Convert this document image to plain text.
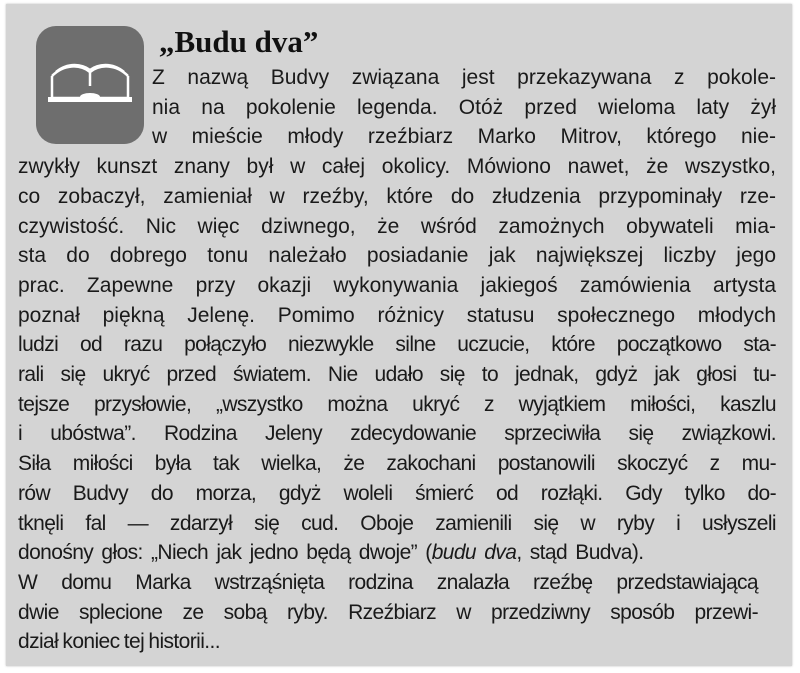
„Budu dva”
Z nazwą Budvy związana jest przekazywana z pokole-
nia na pokolenie legenda. Otóż przed wieloma laty żył
w mieście młody rzeźbiarz Marko Mitrov, którego nie-
zwykły kunszt znany był w całej okolicy. Mówiono nawet, że wszystko,
co zobaczył, zamieniał w rzeźby, które do złudzenia przypominały rze-
czywistość. Nic więc dziwnego, że wśród zamożnych obywateli mia-
sta do dobrego tonu należało posiadanie jak największej liczby jego
prac. Zapewne przy okazji wykonywania jakiegoś zamówienia artysta
poznał piękną Jelenę. Pomimo różnicy statusu społecznego młodych
ludzi od razu połączyło niezwykle silne uczucie, które początkowo sta-
rali się ukryć przed światem. Nie udało się to jednak, gdyż jak głosi tu-
tejsze przysłowie, „wszystko można ukryć z wyjątkiem miłości, kaszlu
i ubóstwa”. Rodzina Jeleny zdecydowanie sprzeciwiła się związkowi.
Siła miłości była tak wielka, że zakochani postanowili skoczyć z mu-
rów Budvy do morza, gdyż woleli śmierć od rozłąki. Gdy tylko do-
tknęli fal — zdarzył się cud. Oboje zamienili się w ryby i usłyszeli
donośny głos: „Niech jak jedno będą dwoje” (budu dva, stąd Budva).
W domu Marka wstrząśnięta rodzina znalazła rzeźbę przedstawiającą
dwie splecione ze sobą ryby. Rzeźbiarz w przedziwny sposób przewi-
dział koniec tej historii...
